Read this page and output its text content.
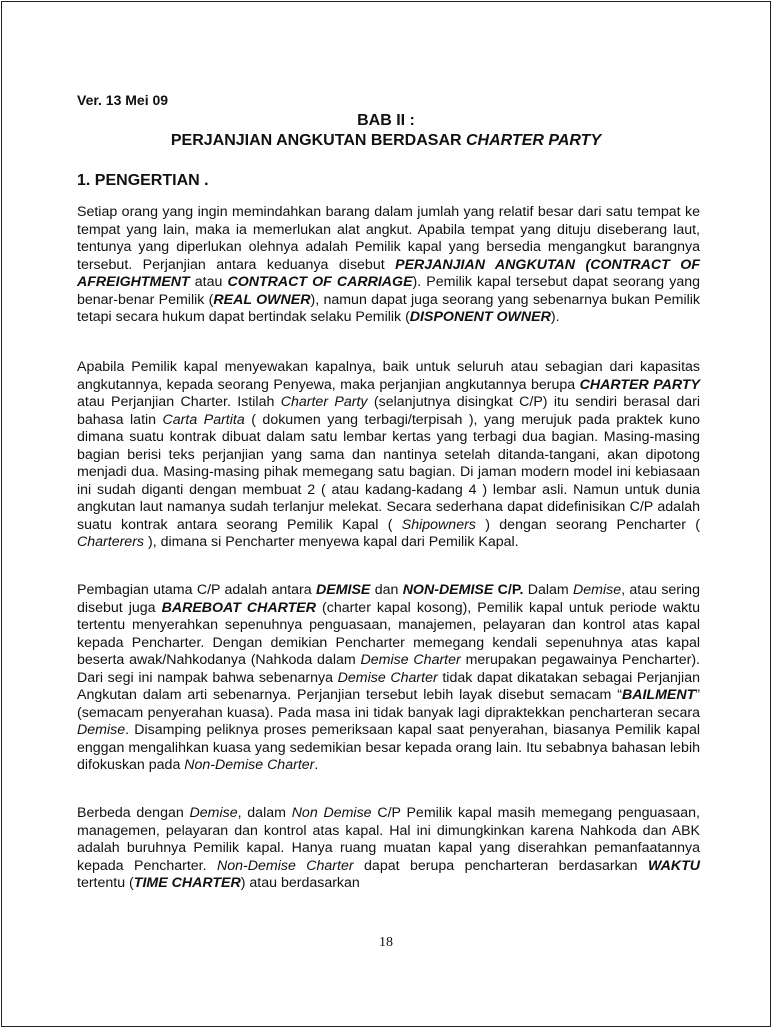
Ver. 13 Mei 09
BAB II :
PERJANJIAN ANGKUTAN BERDASAR CHARTER PARTY
1. PENGERTIAN .
Setiap orang yang ingin memindahkan barang dalam jumlah yang relatif besar dari satu tempat ke tempat yang lain, maka ia memerlukan alat angkut. Apabila tempat yang dituju diseberang laut, tentunya yang diperlukan olehnya adalah Pemilik kapal yang bersedia mengangkut barangnya tersebut. Perjanjian antara keduanya disebut PERJANJIAN ANGKUTAN (CONTRACT OF AFREIGHTMENT atau CONTRACT OF CARRIAGE). Pemilik kapal tersebut dapat seorang yang benar-benar Pemilik (REAL OWNER), namun dapat juga seorang yang sebenarnya bukan Pemilik tetapi secara hukum dapat bertindak selaku Pemilik (DISPONENT OWNER).
Apabila Pemilik kapal menyewakan kapalnya, baik untuk seluruh atau sebagian dari kapasitas angkutannya, kepada seorang Penyewa, maka perjanjian angkutannya berupa CHARTER PARTY atau Perjanjian Charter. Istilah Charter Party (selanjutnya disingkat C/P) itu sendiri berasal dari bahasa latin Carta Partita ( dokumen yang terbagi/terpisah ), yang merujuk pada praktek kuno dimana suatu kontrak dibuat dalam satu lembar kertas yang terbagi dua bagian. Masing-masing bagian berisi teks perjanjian yang sama dan nantinya setelah ditanda-tangani, akan dipotong menjadi dua. Masing-masing pihak memegang satu bagian. Di jaman modern model ini kebiasaan ini sudah diganti dengan membuat 2 ( atau kadang-kadang 4 ) lembar asli. Namun untuk dunia angkutan laut namanya sudah terlanjur melekat. Secara sederhana dapat didefinisikan C/P adalah suatu kontrak antara seorang Pemilik Kapal ( Shipowners ) dengan seorang Pencharter ( Charterers ), dimana si Pencharter menyewa kapal dari Pemilik Kapal.
Pembagian utama C/P adalah antara DEMISE dan NON-DEMISE C/P. Dalam Demise, atau sering disebut juga BAREBOAT CHARTER (charter kapal kosong), Pemilik kapal untuk periode waktu tertentu menyerahkan sepenuhnya penguasaan, manajemen, pelayaran dan kontrol atas kapal kepada Pencharter. Dengan demikian Pencharter memegang kendali sepenuhnya atas kapal beserta awak/Nahkodanya (Nahkoda dalam Demise Charter merupakan pegawainya Pencharter). Dari segi ini nampak bahwa sebenarnya Demise Charter tidak dapat dikatakan sebagai Perjanjian Angkutan dalam arti sebenarnya. Perjanjian tersebut lebih layak disebut semacam “BAILMENT” (semacam penyerahan kuasa). Pada masa ini tidak banyak lagi dipraktekkan pencharteran secara Demise. Disamping peliknya proses pemeriksaan kapal saat penyerahan, biasanya Pemilik kapal enggan mengalihkan kuasa yang sedemikian besar kepada orang lain. Itu sebabnya bahasan lebih difokuskan pada Non-Demise Charter.
Berbeda dengan Demise, dalam Non Demise C/P Pemilik kapal masih memegang penguasaan, managemen, pelayaran dan kontrol atas kapal. Hal ini dimungkinkan karena Nahkoda dan ABK adalah buruhnya Pemilik kapal. Hanya ruang muatan kapal yang diserahkan pemanfaatannya kepada Pencharter. Non-Demise Charter dapat berupa pencharteran berdasarkan WAKTU tertentu (TIME CHARTER) atau berdasarkan
18
